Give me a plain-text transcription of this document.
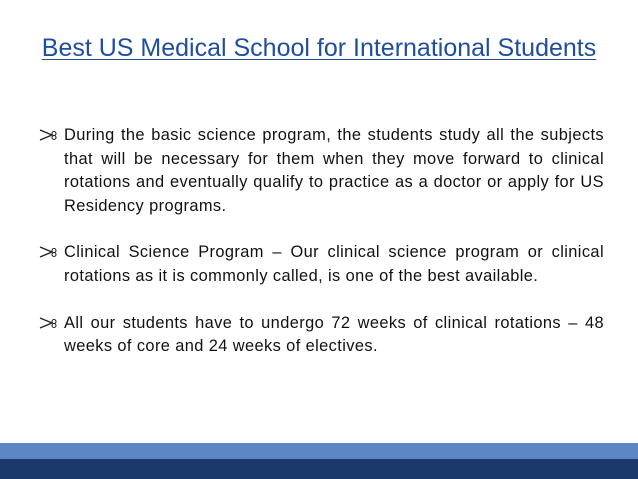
Best US Medical School for International Students
During the basic science program, the students study all the subjects that will be necessary for them when they move forward to clinical rotations and eventually qualify to practice as a doctor or apply for US Residency programs.
Clinical Science Program – Our clinical science program or clinical rotations as it is commonly called, is one of the best available.
All our students have to undergo 72 weeks of clinical rotations – 48 weeks of core and 24 weeks of electives.
